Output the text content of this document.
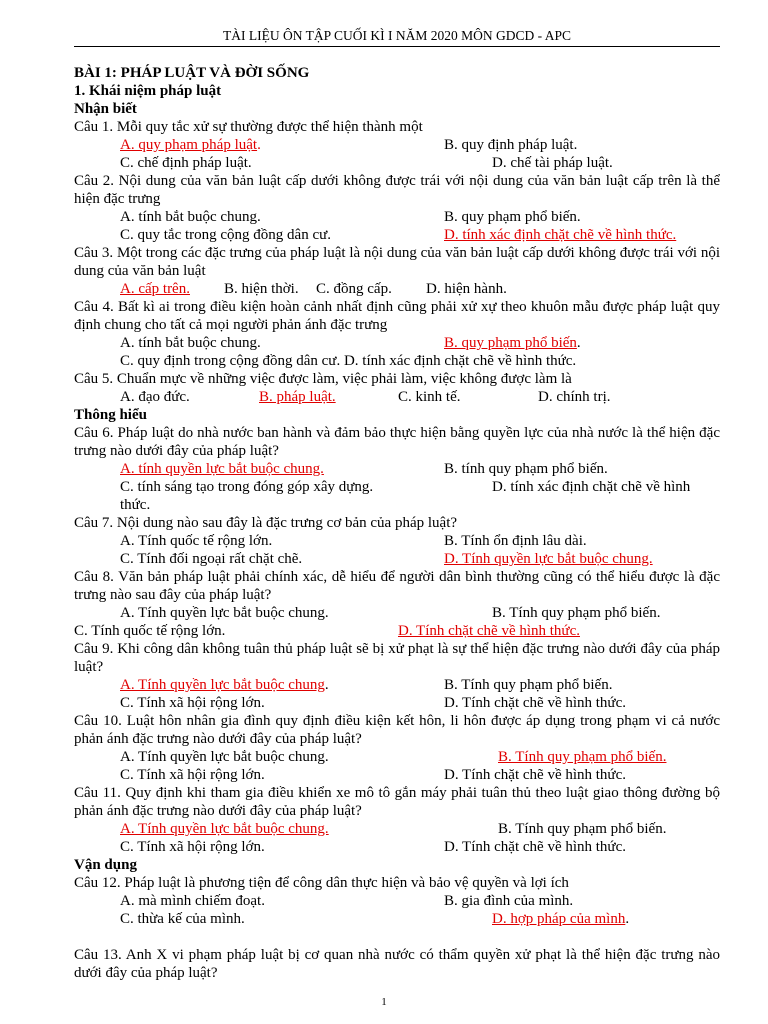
TÀI LIỆU ÔN TẬP CUỐI KÌ I NĂM 2020 MÔN GDCD - APC
BÀI 1: PHÁP LUẬT VÀ ĐỜI SỐNG
1. Khái niệm pháp luật
Nhận biết
Câu 1. Mỗi quy tắc xử sự thường được thể hiện thành một
A. quy phạm pháp luật.	B. quy định pháp luật.
C. chế định pháp luật.	D. chế tài pháp luật.
Câu 2. Nội dung của văn bản luật cấp dưới không được trái với nội dung của văn bản luật cấp trên là thể hiện đặc trưng
A. tính bắt buộc chung.	B. quy phạm phổ biến.
C. quy tắc trong cộng đồng dân cư.	D. tính xác định chặt chẽ về hình thức.
Câu 3. Một trong các đặc trưng của pháp luật là nội dung của văn bản luật cấp dưới không được trái với nội dung của văn bản luật
A. cấp trên. B. hiện thời. C. đồng cấp. D. hiện hành.
Câu 4. Bất kì ai trong điều kiện hoàn cảnh nhất định cũng phải xử xự theo khuôn mẫu được pháp luật quy định chung cho tất cả mọi người phản ánh đặc trưng
A. tính bắt buộc chung.	B. quy phạm phổ biến.
C. quy định trong cộng đồng dân cư. D. tính xác định chặt chẽ về hình thức.
Câu 5. Chuẩn mực về những việc được làm, việc phải làm, việc không được làm là
A. đạo đức.	B. pháp luật.	C. kinh tế.	D. chính trị.
Thông hiểu
Câu 6. Pháp luật do nhà nước ban hành và đảm bảo thực hiện bằng quyền lực của nhà nước là thể hiện đặc trưng nào dưới đây của pháp luật?
A. tính quyền lực bắt buộc chung.	B. tính quy phạm phổ biến.
C. tính sáng tạo trong đóng góp xây dựng.	D. tính xác định chặt chẽ về hình
thức.
Câu 7. Nội dung nào sau đây là đặc trưng cơ bản của pháp luật?
A. Tính quốc tế rộng lớn.	B. Tính ổn định lâu dài.
C. Tính đối ngoại rất chặt chẽ.	D. Tính quyền lực bắt buộc chung.
Câu 8. Văn bản pháp luật phải chính xác, dễ hiểu để người dân bình thường cũng có thể hiểu được là đặc trưng nào sau đây của pháp luật?
A. Tính quyền lực bắt buộc chung.	B. Tính quy phạm phổ biến.
C. Tính quốc tế rộng lớn.	D. Tính chặt chẽ về hình thức.
Câu 9. Khi công dân không tuân thủ pháp luật sẽ bị xử phạt là sự thể hiện đặc trưng nào dưới đây của pháp luật?
A. Tính quyền lực bắt buộc chung.	B. Tính quy phạm phổ biến.
C. Tính xã hội rộng lớn.	D. Tính chặt chẽ về hình thức.
Câu 10. Luật hôn nhân gia đình quy định điều kiện kết hôn, li hôn được áp dụng trong phạm vi cả nước phản ánh đặc trưng nào dưới đây của pháp luật?
A. Tính quyền lực bắt buộc chung.	B. Tính quy phạm phổ biến.
C. Tính xã hội rộng lớn.	D. Tính chặt chẽ về hình thức.
Câu 11. Quy định khi tham gia điều khiển xe mô tô gắn máy phải tuân thủ theo luật giao thông đường bộ phản ánh đặc trưng nào dưới đây của pháp luật?
A. Tính quyền lực bắt buộc chung.	B. Tính quy phạm phổ biến.
C. Tính xã hội rộng lớn.	D. Tính chặt chẽ về hình thức.
Vận dụng
Câu 12. Pháp luật là phương tiện để công dân thực hiện và bảo vệ quyền và lợi ích
A. mà mình chiếm đoạt.	B. gia đình của mình.
C. thừa kế của mình.	D. hợp pháp của mình.
Câu 13. Anh X vi phạm pháp luật bị cơ quan nhà nước có thẩm quyền xử phạt là thể hiện đặc trưng nào dưới đây của pháp luật?
1
